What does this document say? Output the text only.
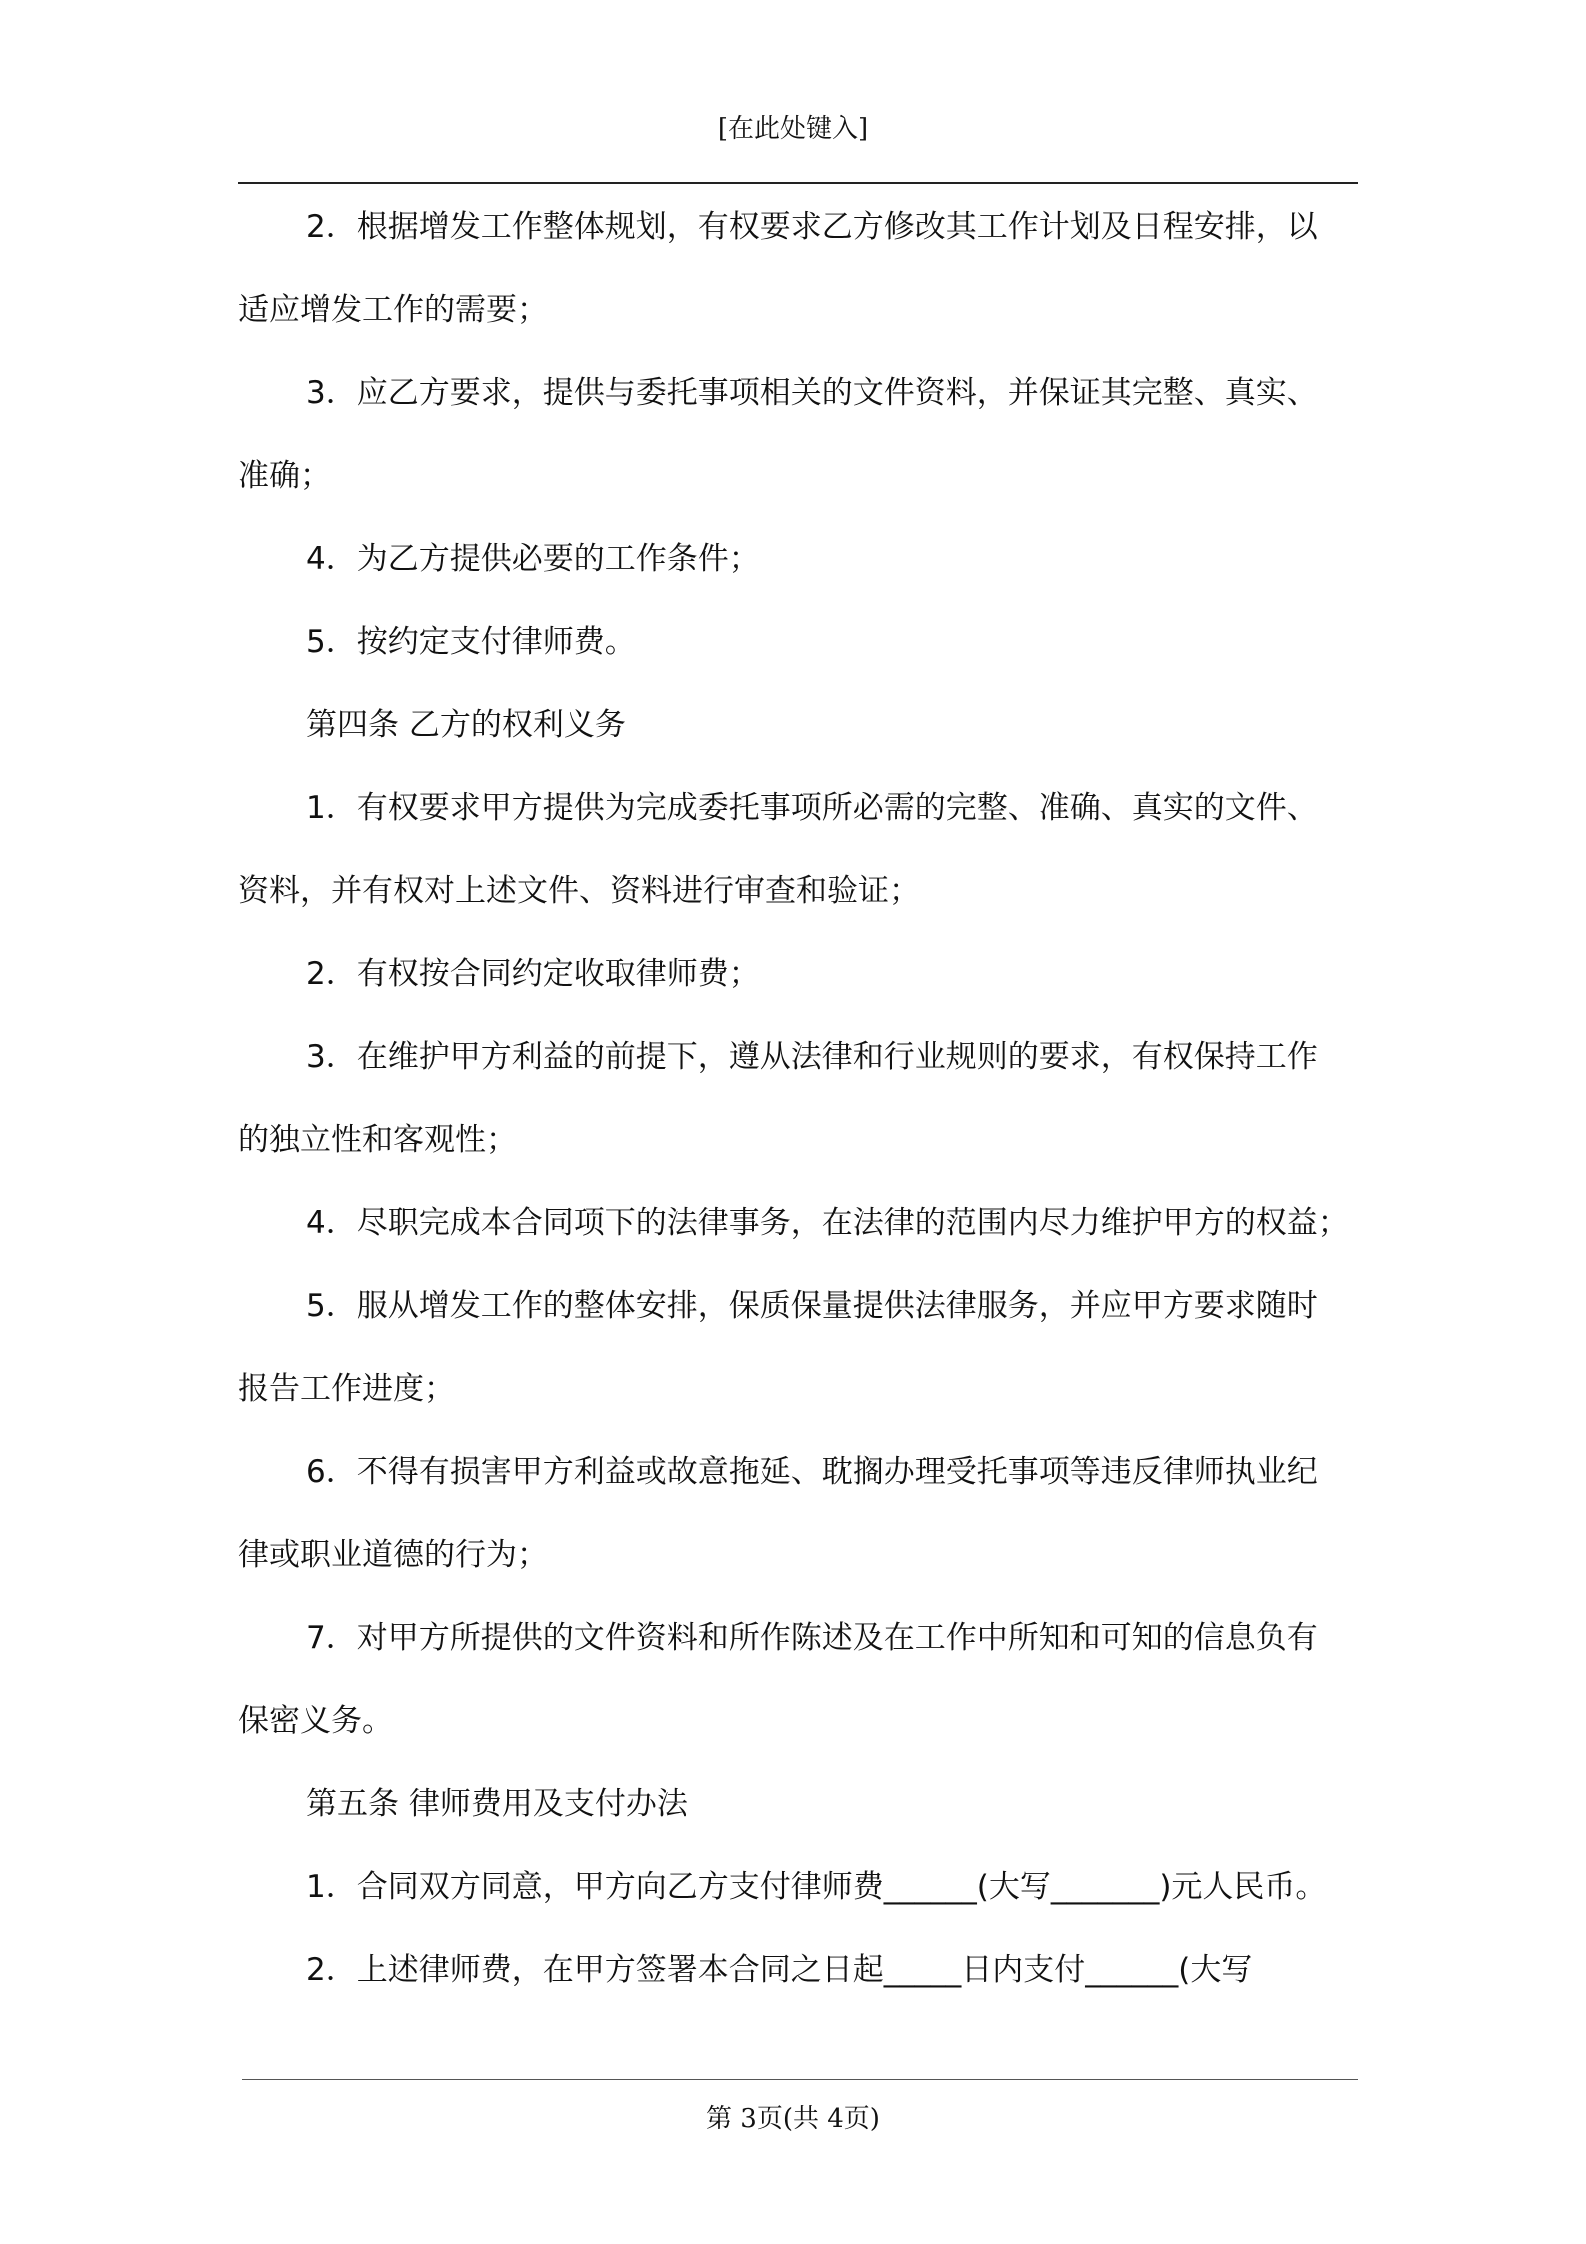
[在此处键入]
2．根据增发工作整体规划，有权要求乙方修改其工作计划及日程安排，以
适应增发工作的需要；
3．应乙方要求，提供与委托事项相关的文件资料，并保证其完整、真实、
准确；
4．为乙方提供必要的工作条件；
5．按约定支付律师费。
第四条 乙方的权利义务
1．有权要求甲方提供为完成委托事项所必需的完整、准确、真实的文件、
资料，并有权对上述文件、资料进行审查和验证；
2．有权按合同约定收取律师费；
3．在维护甲方利益的前提下，遵从法律和行业规则的要求，有权保持工作
的独立性和客观性；
4．尽职完成本合同项下的法律事务，在法律的范围内尽力维护甲方的权益；
5．服从增发工作的整体安排，保质保量提供法律服务，并应甲方要求随时
报告工作进度；
6．不得有损害甲方利益或故意拖延、耽搁办理受托事项等违反律师执业纪
律或职业道德的行为；
7．对甲方所提供的文件资料和所作陈述及在工作中所知和可知的信息负有
保密义务。
第五条 律师费用及支付办法
1．合同双方同意，甲方向乙方支付律师费______(大写_______)元人民币。
2．上述律师费，在甲方签署本合同之日起_____日内支付______(大写
第 3页(共 4页)
